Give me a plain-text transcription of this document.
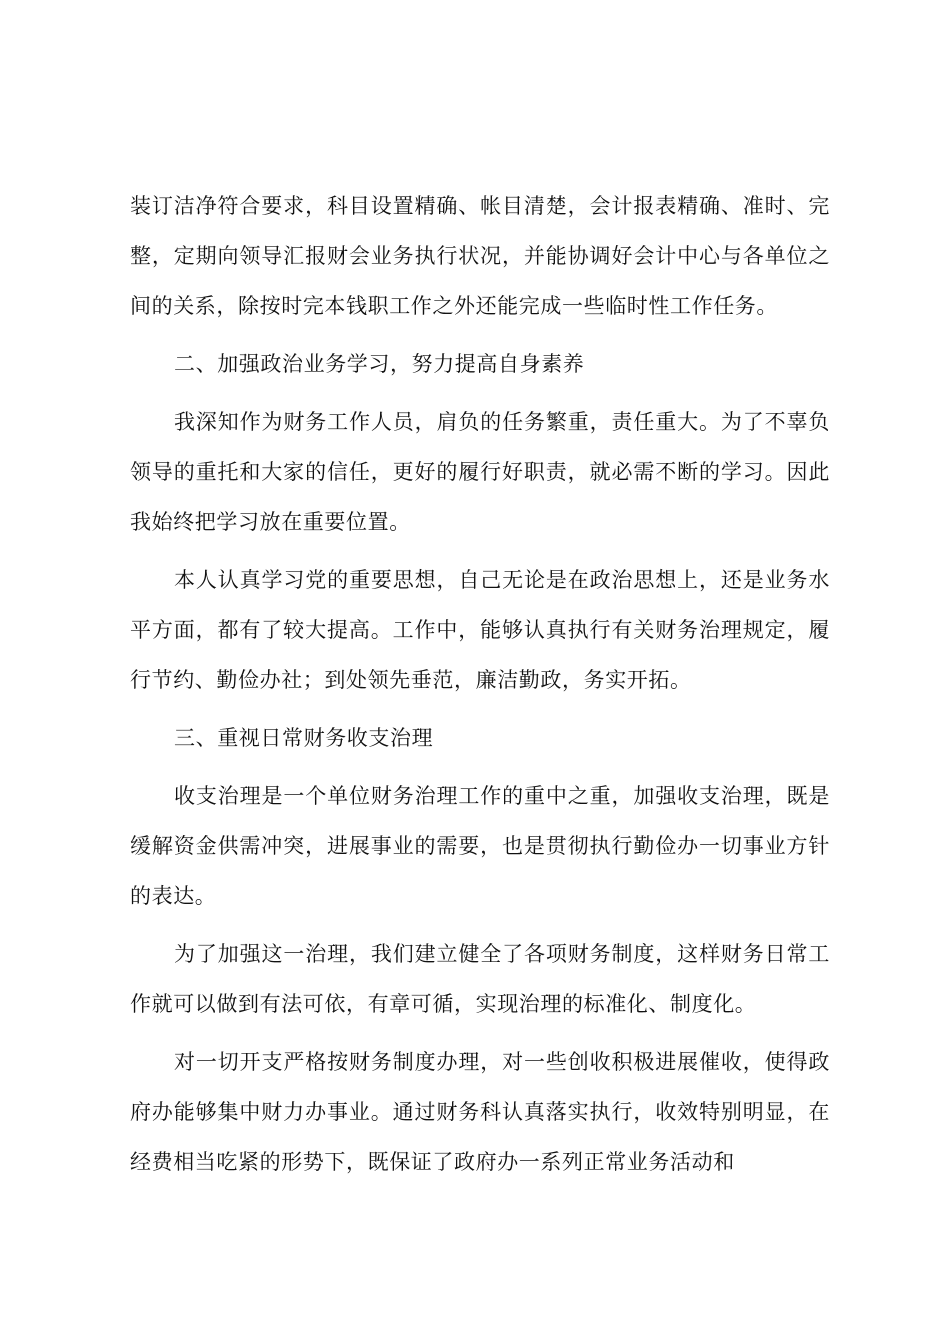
装订洁净符合要求，科目设置精确、帐目清楚，会计报表精确、准时、完整，定期向领导汇报财会业务执行状况，并能协调好会计中心与各单位之间的关系，除按时完本钱职工作之外还能完成一些临时性工作任务。

二、加强政治业务学习，努力提高自身素养

我深知作为财务工作人员，肩负的任务繁重，责任重大。为了不辜负领导的重托和大家的信任，更好的履行好职责，就必需不断的学习。因此我始终把学习放在重要位置。

本人认真学习党的重要思想，自己无论是在政治思想上，还是业务水平方面，都有了较大提高。工作中，能够认真执行有关财务治理规定，履行节约、勤俭办社；到处领先垂范，廉洁勤政，务实开拓。

三、重视日常财务收支治理

收支治理是一个单位财务治理工作的重中之重，加强收支治理，既是缓解资金供需冲突，进展事业的需要，也是贯彻执行勤俭办一切事业方针的表达。

为了加强这一治理，我们建立健全了各项财务制度，这样财务日常工作就可以做到有法可依，有章可循，实现治理的标准化、制度化。

对一切开支严格按财务制度办理，对一些创收积极进展催收，使得政府办能够集中财力办事业。通过财务科认真落实执行，收效特别明显，在经费相当吃紧的形势下，既保证了政府办一系列正常业务活动和
